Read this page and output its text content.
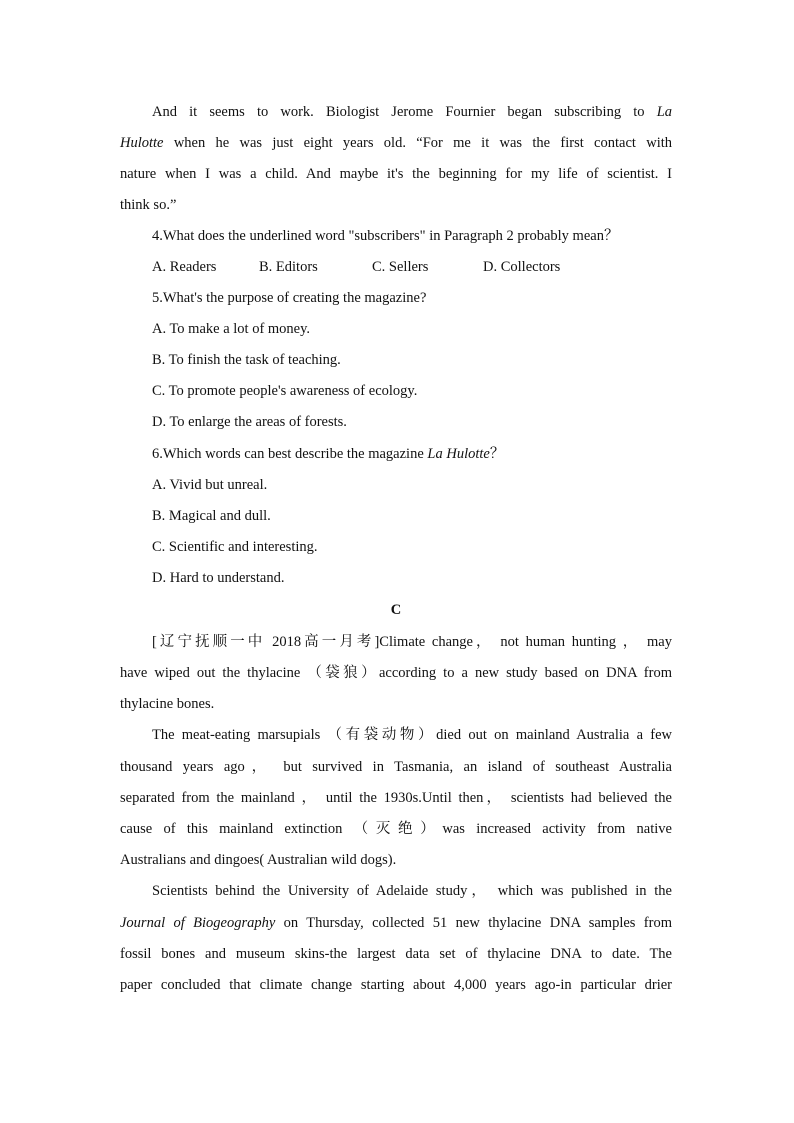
And it seems to work. Biologist Jerome Fournier began subscribing to La
Hulotte when he was just eight years old. “For me it was the first contact with
nature when I was a child. And maybe it's the beginning for my life of scientist. I
think so.”
4.What does the underlined word "subscribers" in Paragraph 2 probably mean？
A. Readers	B. Editors	C. Sellers	D. Collectors
5.What's the purpose of creating the magazine?
A. To make a lot of money.
B. To finish the task of teaching.
C. To promote people's awareness of ecology.
D. To enlarge the areas of forests.
6.Which words can best describe the magazine La Hulotte？
A. Vivid but unreal.
B. Magical and dull.
C. Scientific and interesting.
D. Hard to understand.
C
[辽宁抚顺一中 2018高一月考]Climate change， not human hunting ， may
have wiped out the thylacine （袋狼）according to a new study based on DNA from
thylacine bones.
The meat-eating marsupials （有袋动物）died out on mainland Australia a few
thousand years ago， but survived in Tasmania, an island of southeast Australia
separated from the mainland ， until the 1930s.Until then， scientists had believed the
cause of this mainland extinction （灭绝）was increased activity from native
Australians and dingoes( Australian wild dogs).
Scientists behind the University of Adelaide study， which was published in the
Journal of Biogeography on Thursday, collected 51 new thylacine DNA samples from
fossil bones and museum skins-the largest data set of thylacine DNA to date. The
paper concluded that climate change starting about 4,000 years ago-in particular drier
